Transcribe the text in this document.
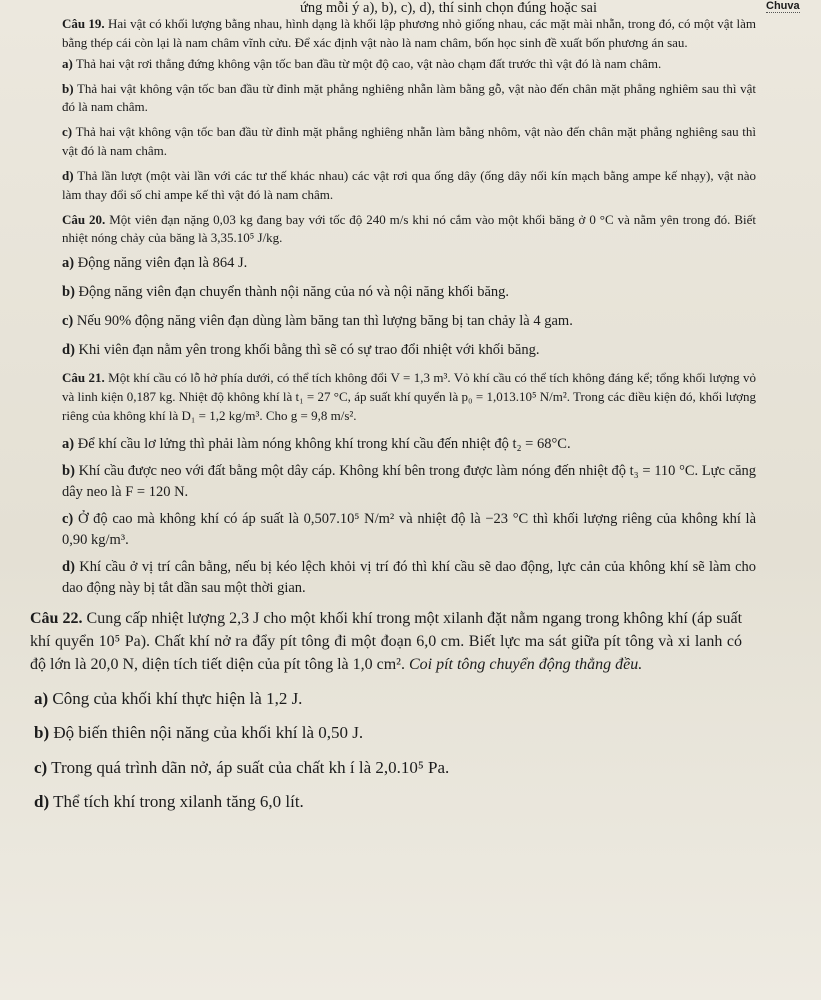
ứng mỗi ý a), b), c), d), thí sinh chọn đúng hoặc sai	Chuva

Câu 19. Hai vật có khối lượng bằng nhau, hình dạng là khối lập phương nhỏ giống nhau, các mặt mài nhẵn, trong đó, có một vật làm bằng thép cái còn lại là nam châm vĩnh cửu. Để xác định vật nào là nam châm, bốn học sinh đề xuất bốn phương án sau.

a) Thả hai vật rơi thẳng đứng không vận tốc ban đầu từ một độ cao, vật nào chạm đất trước thì vật đó là nam châm.

b) Thả hai vật không vận tốc ban đầu từ đỉnh mặt phẳng nghiêng nhẵn làm bằng gỗ, vật nào đến chân mặt phẳng nghiêm sau thì vật đó là nam châm.

c) Thả hai vật không vận tốc ban đầu từ đỉnh mặt phẳng nghiêng nhẵn làm bằng nhôm, vật nào đến chân mặt phẳng nghiêng sau thì vật đó là nam châm.

d) Thả lần lượt (một vài lần với các tư thế khác nhau) các vật rơi qua ống dây (ống dây nối kín mạch bằng ampe kế nhạy), vật nào làm thay đổi số chỉ ampe kế thì vật đó là nam châm.

Câu 20. Một viên đạn nặng 0,03 kg đang bay với tốc độ 240 m/s khi nó cắm vào một khối băng ở 0 °C và nằm yên trong đó. Biết nhiệt nóng chảy của băng là 3,35.10⁵ J/kg.

a) Động năng viên đạn là 864 J.

b) Động năng viên đạn chuyển thành nội năng của nó và nội năng khối băng.

c) Nếu 90% động năng viên đạn dùng làm băng tan thì lượng băng bị tan chảy là 4 gam.

d) Khi viên đạn nằm yên trong khối bằng thì sẽ có sự trao đổi nhiệt với khối băng.

Câu 21. Một khí cầu có lỗ hở phía dưới, có thể tích không đổi V = 1,3 m³. Vỏ khí cầu có thể tích không đáng kể; tổng khối lượng vỏ và linh kiện 0,187 kg. Nhiệt độ không khí là t₁ = 27 °C, áp suất khí quyển là p₀ = 1,013.10⁵ N/m². Trong các điều kiện đó, khối lượng riêng của không khí là D₁ = 1,2 kg/m³. Cho g = 9,8 m/s².

a) Để khí cầu lơ lửng thì phải làm nóng không khí trong khí cầu đến nhiệt độ t₂ = 68°C.

b) Khí cầu được neo với đất bằng một dây cáp. Không khí bên trong được làm nóng đến nhiệt độ t₃ = 110 °C. Lực căng dây neo là F = 120 N.

c) Ở độ cao mà không khí có áp suất là 0,507.10⁵ N/m² và nhiệt độ là −23 °C thì khối lượng riêng của không khí là 0,90 kg/m³.

d) Khí cầu ở vị trí cân bằng, nếu bị kéo lệch khỏi vị trí đó thì khí cầu sẽ dao động, lực cản của không khí sẽ làm cho dao động này bị tắt dần sau một thời gian.

Câu 22. Cung cấp nhiệt lượng 2,3 J cho một khối khí trong một xilanh đặt nằm ngang trong không khí (áp suất khí quyển 10⁵ Pa). Chất khí nở ra đẩy pít tông đi một đoạn 6,0 cm. Biết lực ma sát giữa pít tông và xi lanh có độ lớn là 20,0 N, diện tích tiết diện của pít tông là 1,0 cm². Coi pít tông chuyển động thẳng đều.

a) Công của khối khí thực hiện là 1,2 J.

b) Độ biến thiên nội năng của khối khí là 0,50 J.

c) Trong quá trình dãn nở, áp suất của chất kh í là 2,0.10⁵ Pa.

d) Thể tích khí trong xilanh tăng 6,0 lít.
